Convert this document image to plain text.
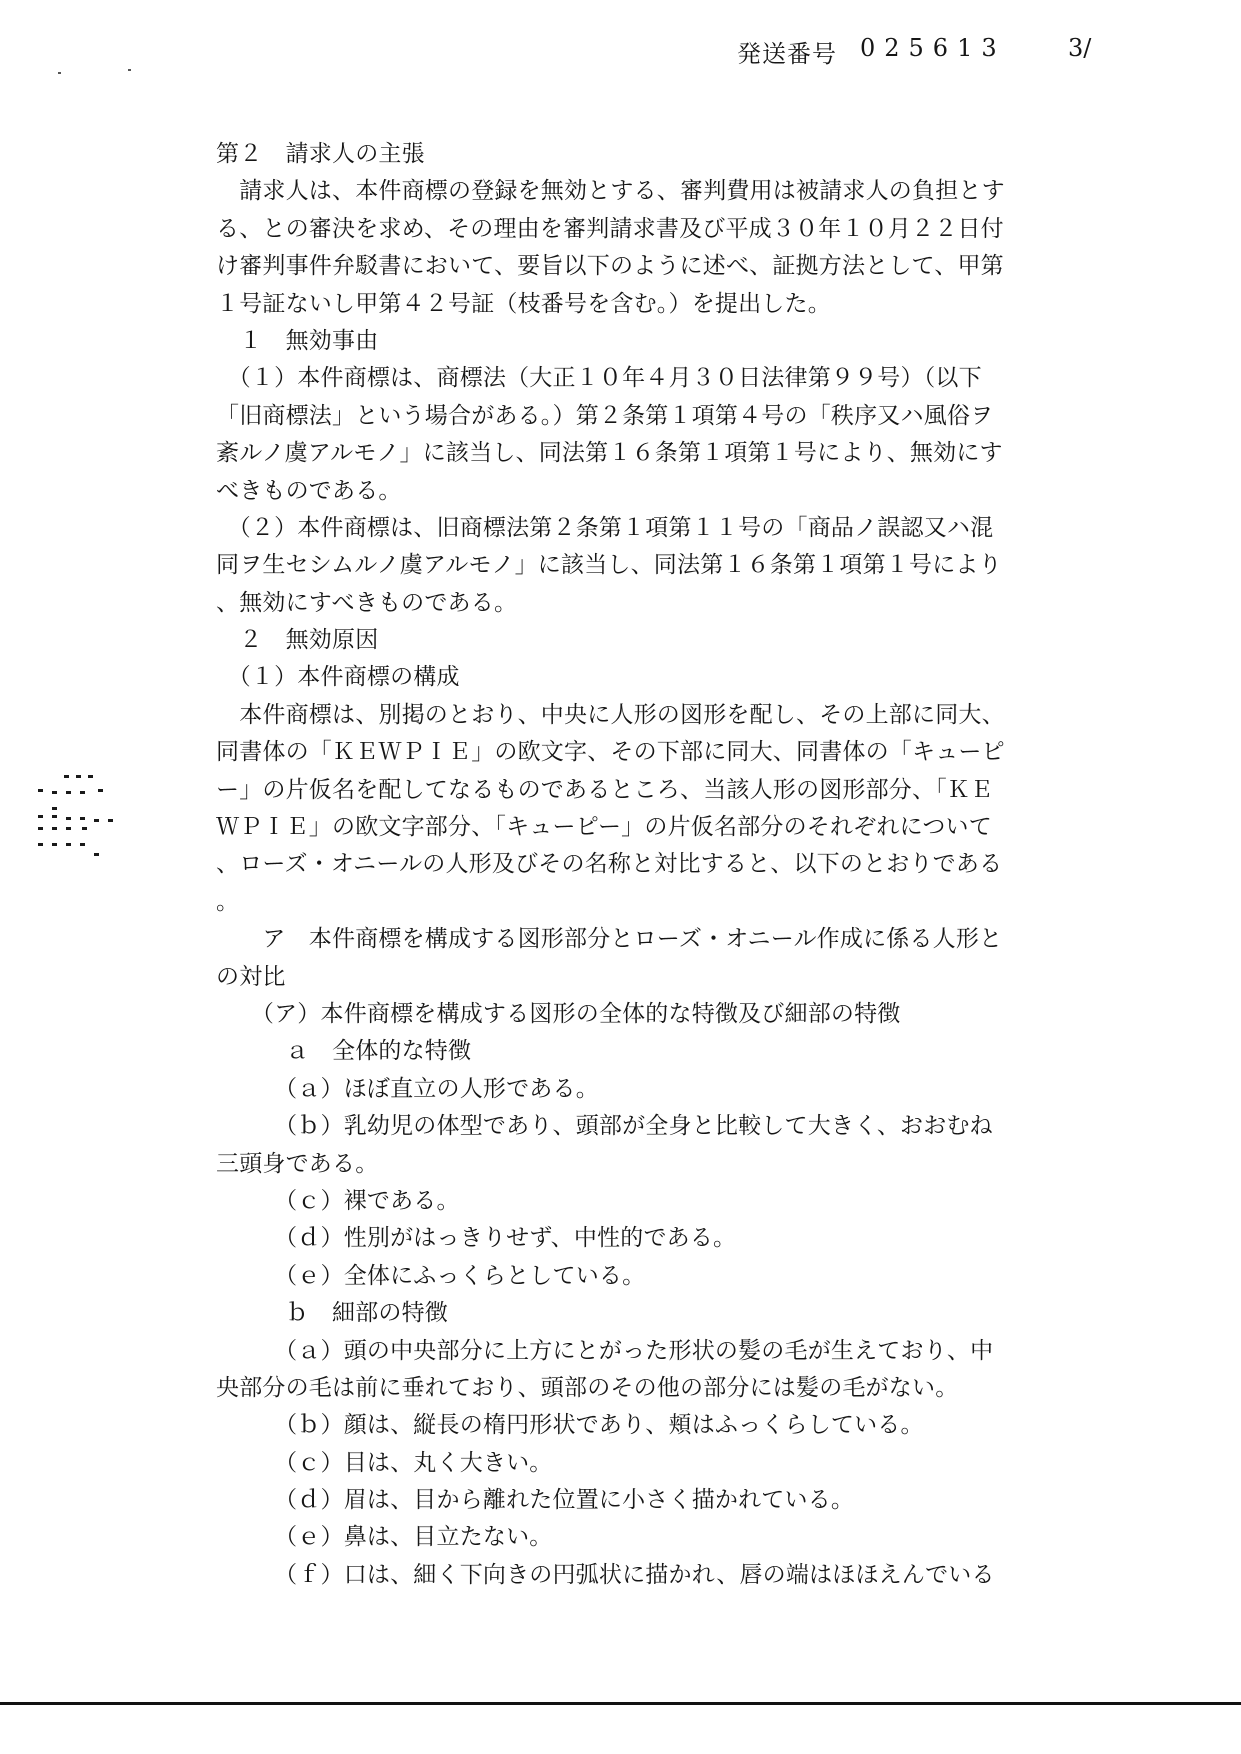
発送番号 025613	3/
第２　請求人の主張
　請求人は、本件商標の登録を無効とする、審判費用は被請求人の負担とす
る、との審決を求め、その理由を審判請求書及び平成３０年１０月２２日付
け審判事件弁駁書において、要旨以下のように述べ、証拠方法として、甲第
１号証ないし甲第４２号証（枝番号を含む。）を提出した。
　１　無効事由
　（１）本件商標は、商標法（大正１０年４月３０日法律第９９号）（以下
「旧商標法」という場合がある。）第２条第１項第４号の「秩序又ハ風俗ヲ
紊ルノ虞アルモノ」に該当し、同法第１６条第１項第１号により、無効にす
べきものである。
　（２）本件商標は、旧商標法第２条第１項第１１号の「商品ノ誤認又ハ混
同ヲ生セシムルノ虞アルモノ」に該当し、同法第１６条第１項第１号により
、無効にすべきものである。
　２　無効原因
　（１）本件商標の構成
　本件商標は、別掲のとおり、中央に人形の図形を配し、その上部に同大、
同書体の「ＫＥＷＰＩＥ」の欧文字、その下部に同大、同書体の「キューピ
ー」の片仮名を配してなるものであるところ、当該人形の図形部分、「ＫＥ
ＷＰＩＥ」の欧文字部分、「キューピー」の片仮名部分のそれぞれについて
、ローズ・オニールの人形及びその名称と対比すると、以下のとおりである
。
　　ア　本件商標を構成する図形部分とローズ・オニール作成に係る人形と
の対比
　　（ア）本件商標を構成する図形の全体的な特徴及び細部の特徴
　　　ａ　全体的な特徴
　　　（ａ）ほぼ直立の人形である。
　　　（ｂ）乳幼児の体型であり、頭部が全身と比較して大きく、おおむね
三頭身である。
　　　（ｃ）裸である。
　　　（ｄ）性別がはっきりせず、中性的である。
　　　（ｅ）全体にふっくらとしている。
　　　ｂ　細部の特徴
　　　（ａ）頭の中央部分に上方にとがった形状の髪の毛が生えており、中
央部分の毛は前に垂れており、頭部のその他の部分には髪の毛がない。
　　　（ｂ）顔は、縦長の楕円形状であり、頬はふっくらしている。
　　　（ｃ）目は、丸く大きい。
　　　（ｄ）眉は、目から離れた位置に小さく描かれている。
　　　（ｅ）鼻は、目立たない。
　　　（ｆ）口は、細く下向きの円弧状に描かれ、唇の端はほほえんでいる
